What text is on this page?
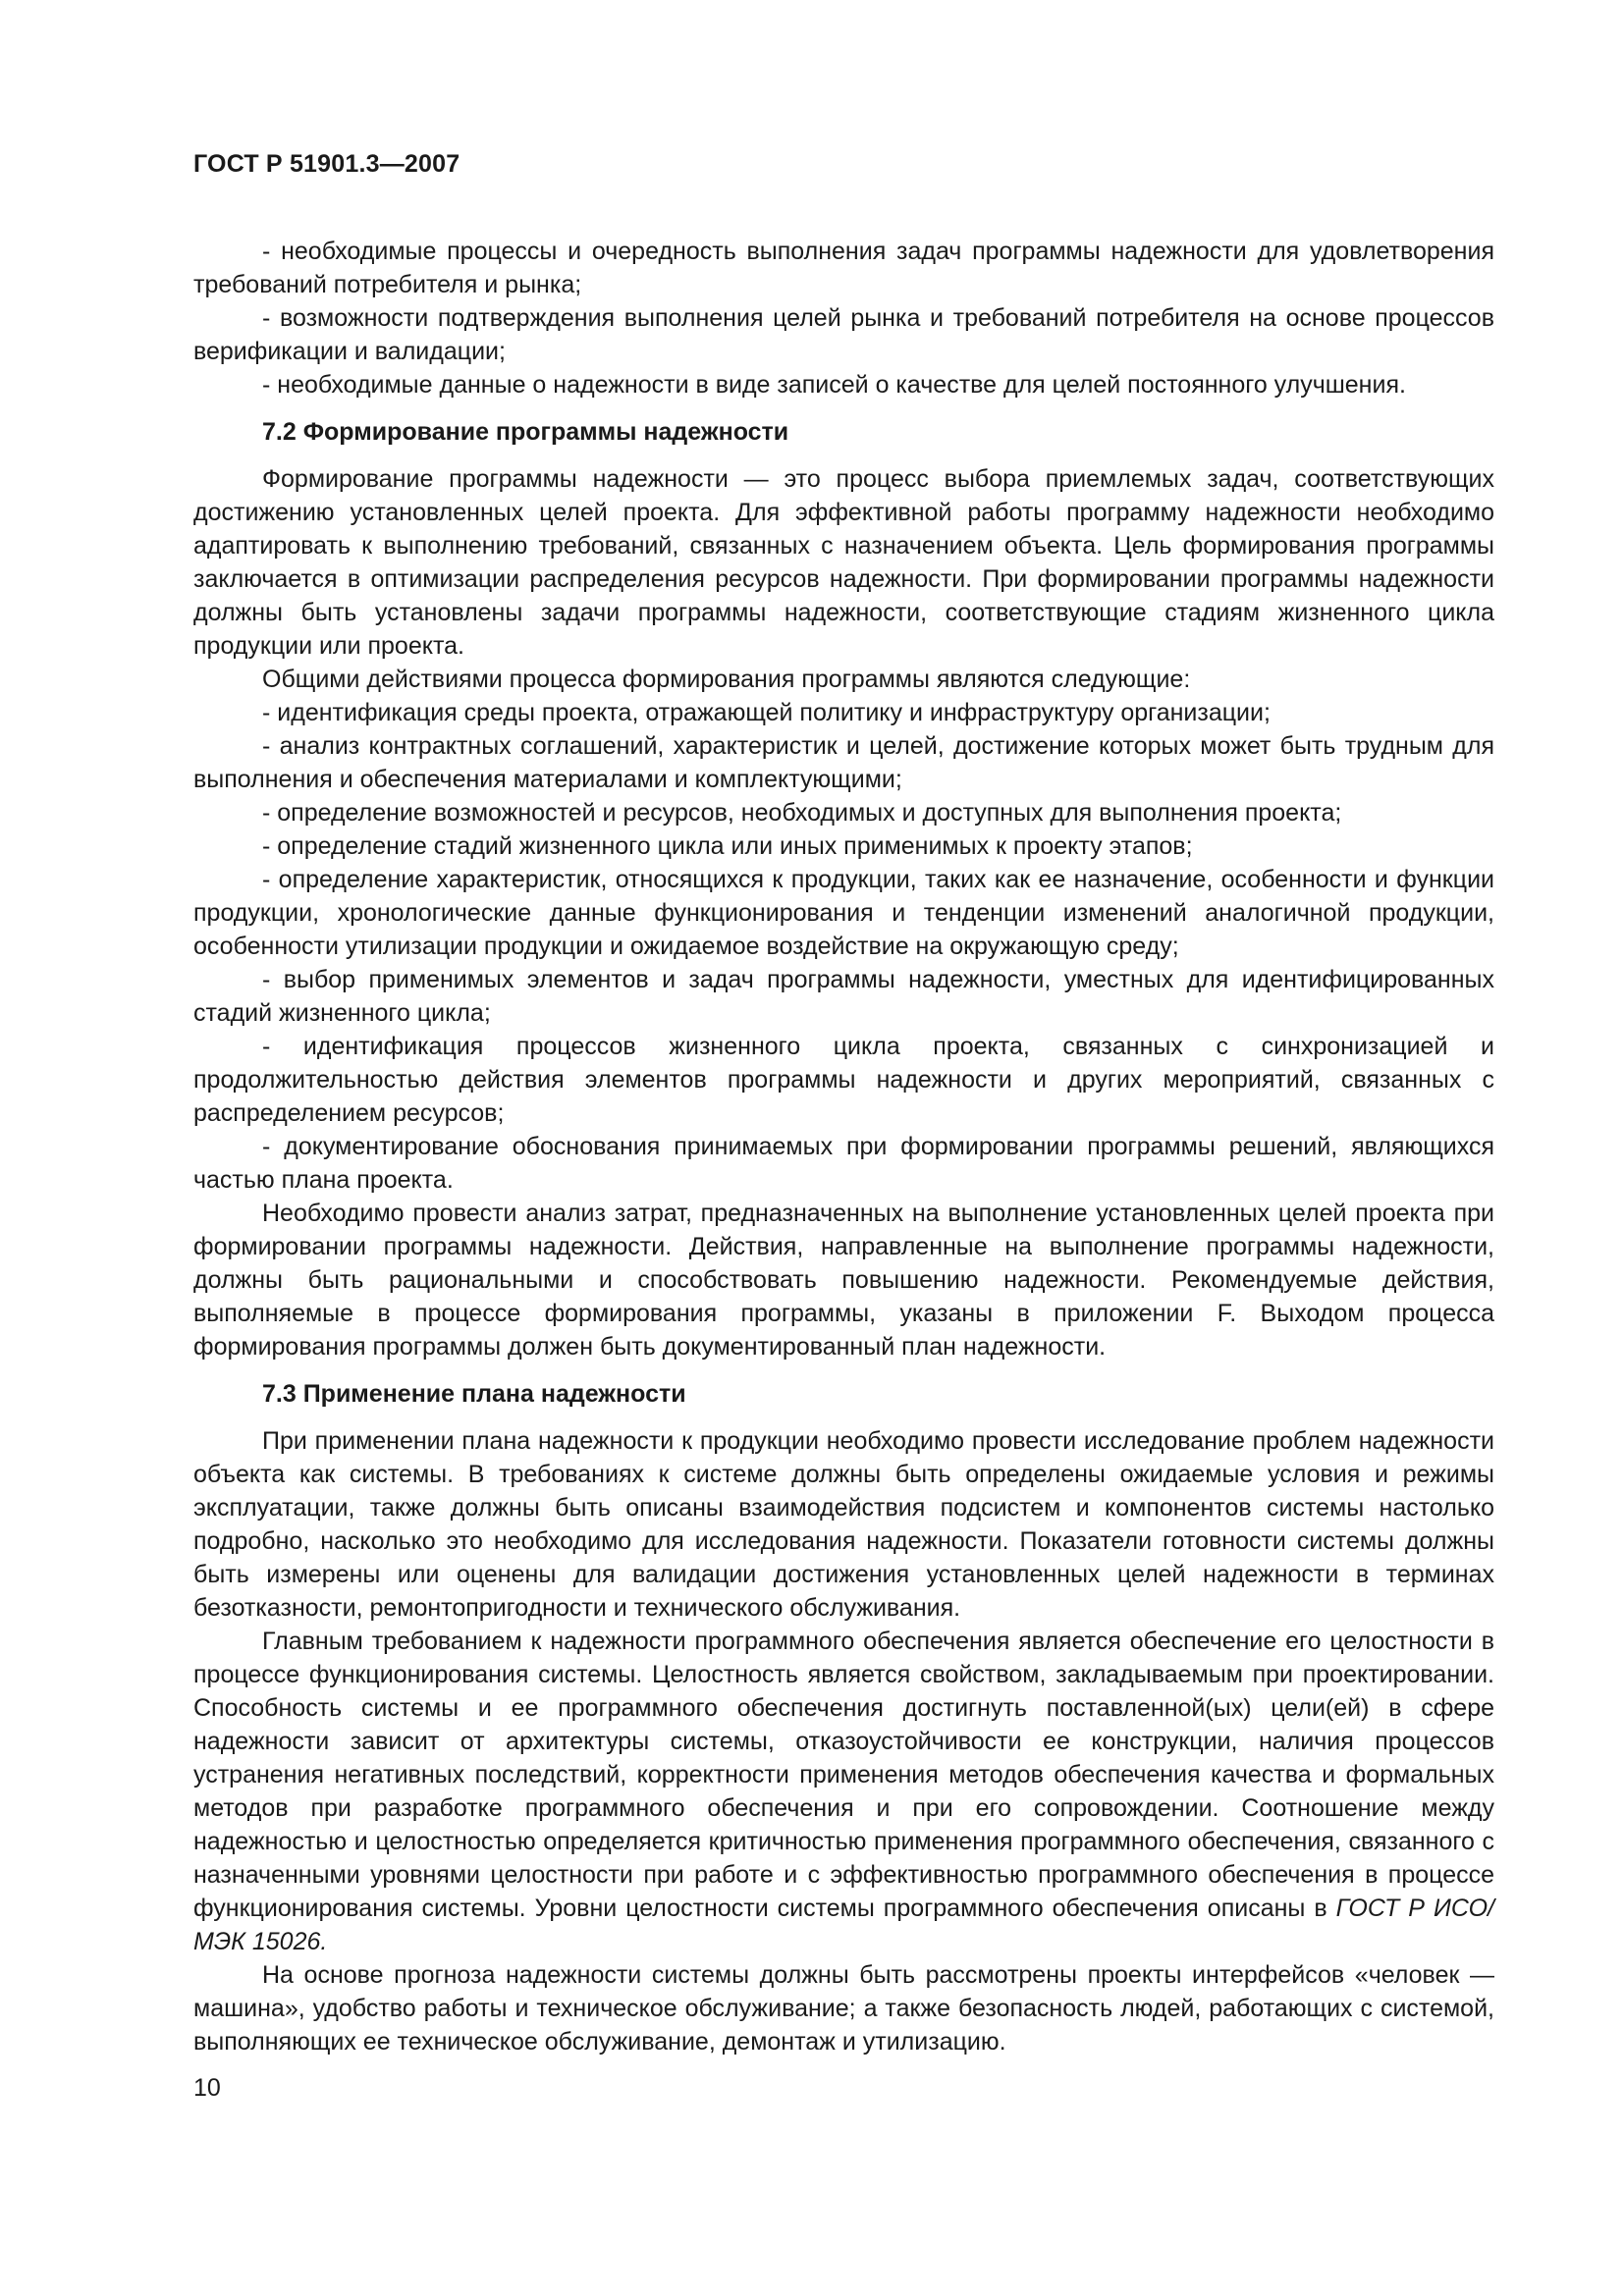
ГОСТ Р 51901.3—2007

- необходимые процессы и очередность выполнения задач программы надежности для удовлетворения требований потребителя и рынка;

- возможности подтверждения выполнения целей рынка и требований потребителя на основе процессов верификации и валидации;

- необходимые данные о надежности в виде записей о качестве для целей постоянного улучшения.

7.2 Формирование программы надежности

Формирование программы надежности — это процесс выбора приемлемых задач, соответствующих достижению установленных целей проекта. Для эффективной работы программу надежности необходимо адаптировать к выполнению требований, связанных с назначением объекта. Цель формирования программы заключается в оптимизации распределения ресурсов надежности. При формировании программы надежности должны быть установлены задачи программы надежности, соответствующие стадиям жизненного цикла продукции или проекта.

Общими действиями процесса формирования программы являются следующие:

- идентификация среды проекта, отражающей политику и инфраструктуру организации;

- анализ контрактных соглашений, характеристик и целей, достижение которых может быть трудным для выполнения и обеспечения материалами и комплектующими;

- определение возможностей и ресурсов, необходимых и доступных для выполнения проекта;

- определение стадий жизненного цикла или иных применимых к проекту этапов;

- определение характеристик, относящихся к продукции, таких как ее назначение, особенности и функции продукции, хронологические данные функционирования и тенденции изменений аналогичной продукции, особенности утилизации продукции и ожидаемое воздействие на окружающую среду;

- выбор применимых элементов и задач программы надежности, уместных для идентифицированных стадий жизненного цикла;

- идентификация процессов жизненного цикла проекта, связанных с синхронизацией и продолжительностью действия элементов программы надежности и других мероприятий, связанных с распределением ресурсов;

- документирование обоснования принимаемых при формировании программы решений, являющихся частью плана проекта.

Необходимо провести анализ затрат, предназначенных на выполнение установленных целей проекта при формировании программы надежности. Действия, направленные на выполнение программы надежности, должны быть рациональными и способствовать повышению надежности. Рекомендуемые действия, выполняемые в процессе формирования программы, указаны в приложении F. Выходом процесса формирования программы должен быть документированный план надежности.

7.3 Применение плана надежности

При применении плана надежности к продукции необходимо провести исследование проблем надежности объекта как системы. В требованиях к системе должны быть определены ожидаемые условия и режимы эксплуатации, также должны быть описаны взаимодействия подсистем и компонентов системы настолько подробно, насколько это необходимо для исследования надежности. Показатели готовности системы должны быть измерены или оценены для валидации достижения установленных целей надежности в терминах безотказности, ремонтопригодности и технического обслуживания.

Главным требованием к надежности программного обеспечения является обеспечение его целостности в процессе функционирования системы. Целостность является свойством, закладываемым при проектировании. Способность системы и ее программного обеспечения достигнуть поставленной(ых) цели(ей) в сфере надежности зависит от архитектуры системы, отказоустойчивости ее конструкции, наличия процессов устранения негативных последствий, корректности применения методов обеспечения качества и формальных методов при разработке программного обеспечения и при его сопровождении. Соотношение между надежностью и целостностью определяется критичностью применения программного обеспечения, связанного с назначенными уровнями целостности при работе и с эффективностью программного обеспечения в процессе функционирования системы. Уровни целостности системы программного обеспечения описаны в ГОСТ Р ИСО/МЭК 15026.

На основе прогноза надежности системы должны быть рассмотрены проекты интерфейсов «человек — машина», удобство работы и техническое обслуживание; а также безопасность людей, работающих с системой, выполняющих ее техническое обслуживание, демонтаж и утилизацию.

10
